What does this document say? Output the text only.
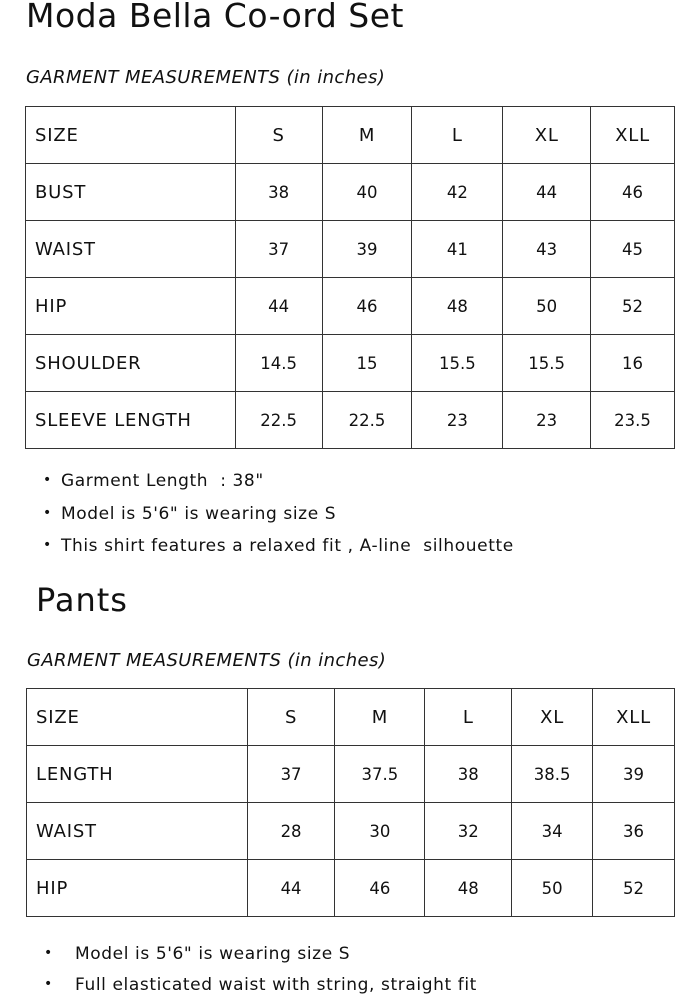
Moda Bella Co-ord Set
GARMENT MEASUREMENTS (in inches)
SIZE	S	M	L	XL	XLL
BUST	38	40	42	44	46
WAIST	37	39	41	43	45
HIP	44	46	48	50	52
SHOULDER	14.5	15	15.5	15.5	16
SLEEVE LENGTH	22.5	22.5	23	23	23.5
• Garment Length  : 38"
• Model is 5'6" is wearing size S
• This shirt features a relaxed fit , A-line  silhouette
Pants
GARMENT MEASUREMENTS (in inches)
SIZE	S	M	L	XL	XLL
LENGTH	37	37.5	38	38.5	39
WAIST	28	30	32	34	36
HIP	44	46	48	50	52
• Model is 5'6" is wearing size S
• Full elasticated waist with string, straight fit
